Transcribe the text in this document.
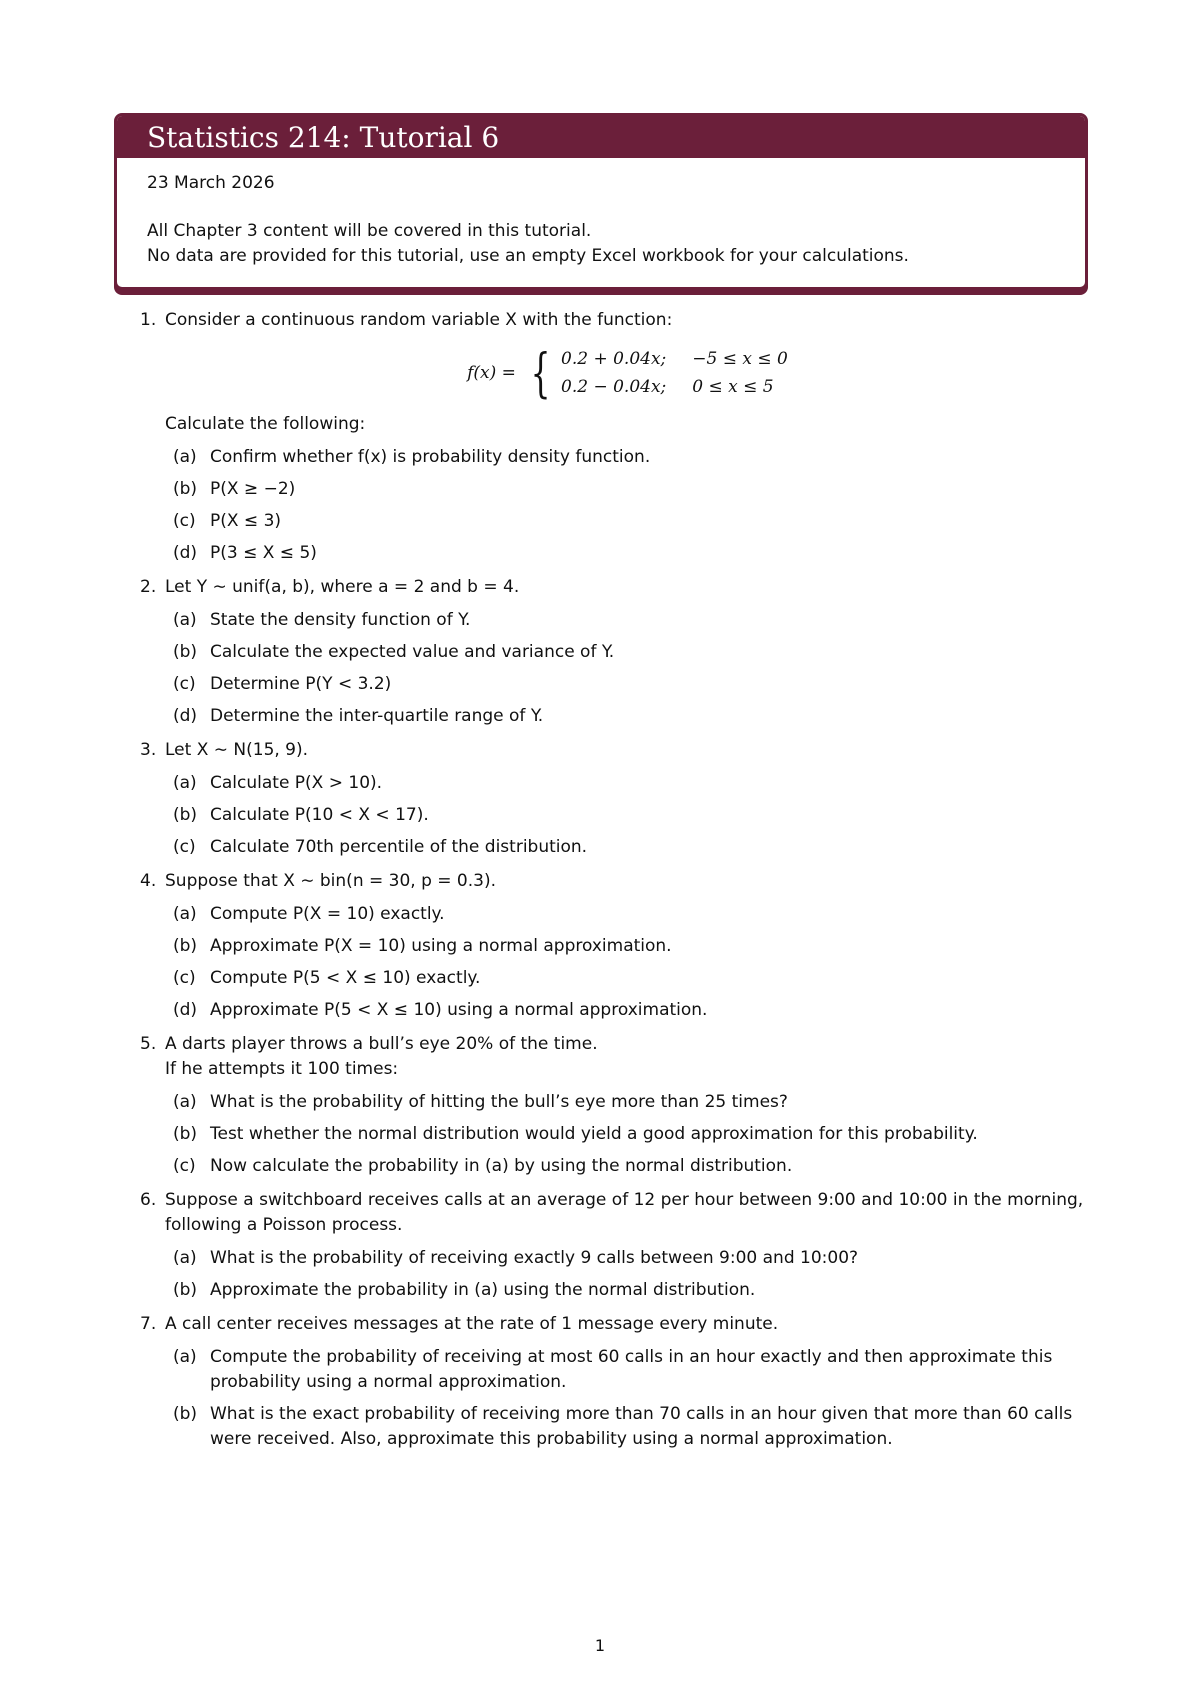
Statistics 214: Tutorial 6
23 March 2026
All Chapter 3 content will be covered in this tutorial.
No data are provided for this tutorial, use an empty Excel workbook for your calculations.
1. Consider a continuous random variable X with the function:
f(x) = { 0.2 + 0.04x; −5 ≤ x ≤ 0
0.2 − 0.04x; 0 ≤ x ≤ 5
Calculate the following:
(a) Confirm whether f(x) is probability density function.
(b) P(X ≥ −2)
(c) P(X ≤ 3)
(d) P(3 ≤ X ≤ 5)
2. Let Y ∼ unif(a, b), where a = 2 and b = 4.
(a) State the density function of Y.
(b) Calculate the expected value and variance of Y.
(c) Determine P(Y < 3.2)
(d) Determine the inter-quartile range of Y.
3. Let X ∼ N(15, 9).
(a) Calculate P(X > 10).
(b) Calculate P(10 < X < 17).
(c) Calculate 70th percentile of the distribution.
4. Suppose that X ∼ bin(n = 30, p = 0.3).
(a) Compute P(X = 10) exactly.
(b) Approximate P(X = 10) using a normal approximation.
(c) Compute P(5 < X ≤ 10) exactly.
(d) Approximate P(5 < X ≤ 10) using a normal approximation.
5. A darts player throws a bull’s eye 20% of the time.
If he attempts it 100 times:
(a) What is the probability of hitting the bull’s eye more than 25 times?
(b) Test whether the normal distribution would yield a good approximation for this probability.
(c) Now calculate the probability in (a) by using the normal distribution.
6. Suppose a switchboard receives calls at an average of 12 per hour between 9:00 and 10:00 in the morning, following a Poisson process.
(a) What is the probability of receiving exactly 9 calls between 9:00 and 10:00?
(b) Approximate the probability in (a) using the normal distribution.
7. A call center receives messages at the rate of 1 message every minute.
(a) Compute the probability of receiving at most 60 calls in an hour exactly and then approximate this probability using a normal approximation.
(b) What is the exact probability of receiving more than 70 calls in an hour given that more than 60 calls were received. Also, approximate this probability using a normal approximation.
1
